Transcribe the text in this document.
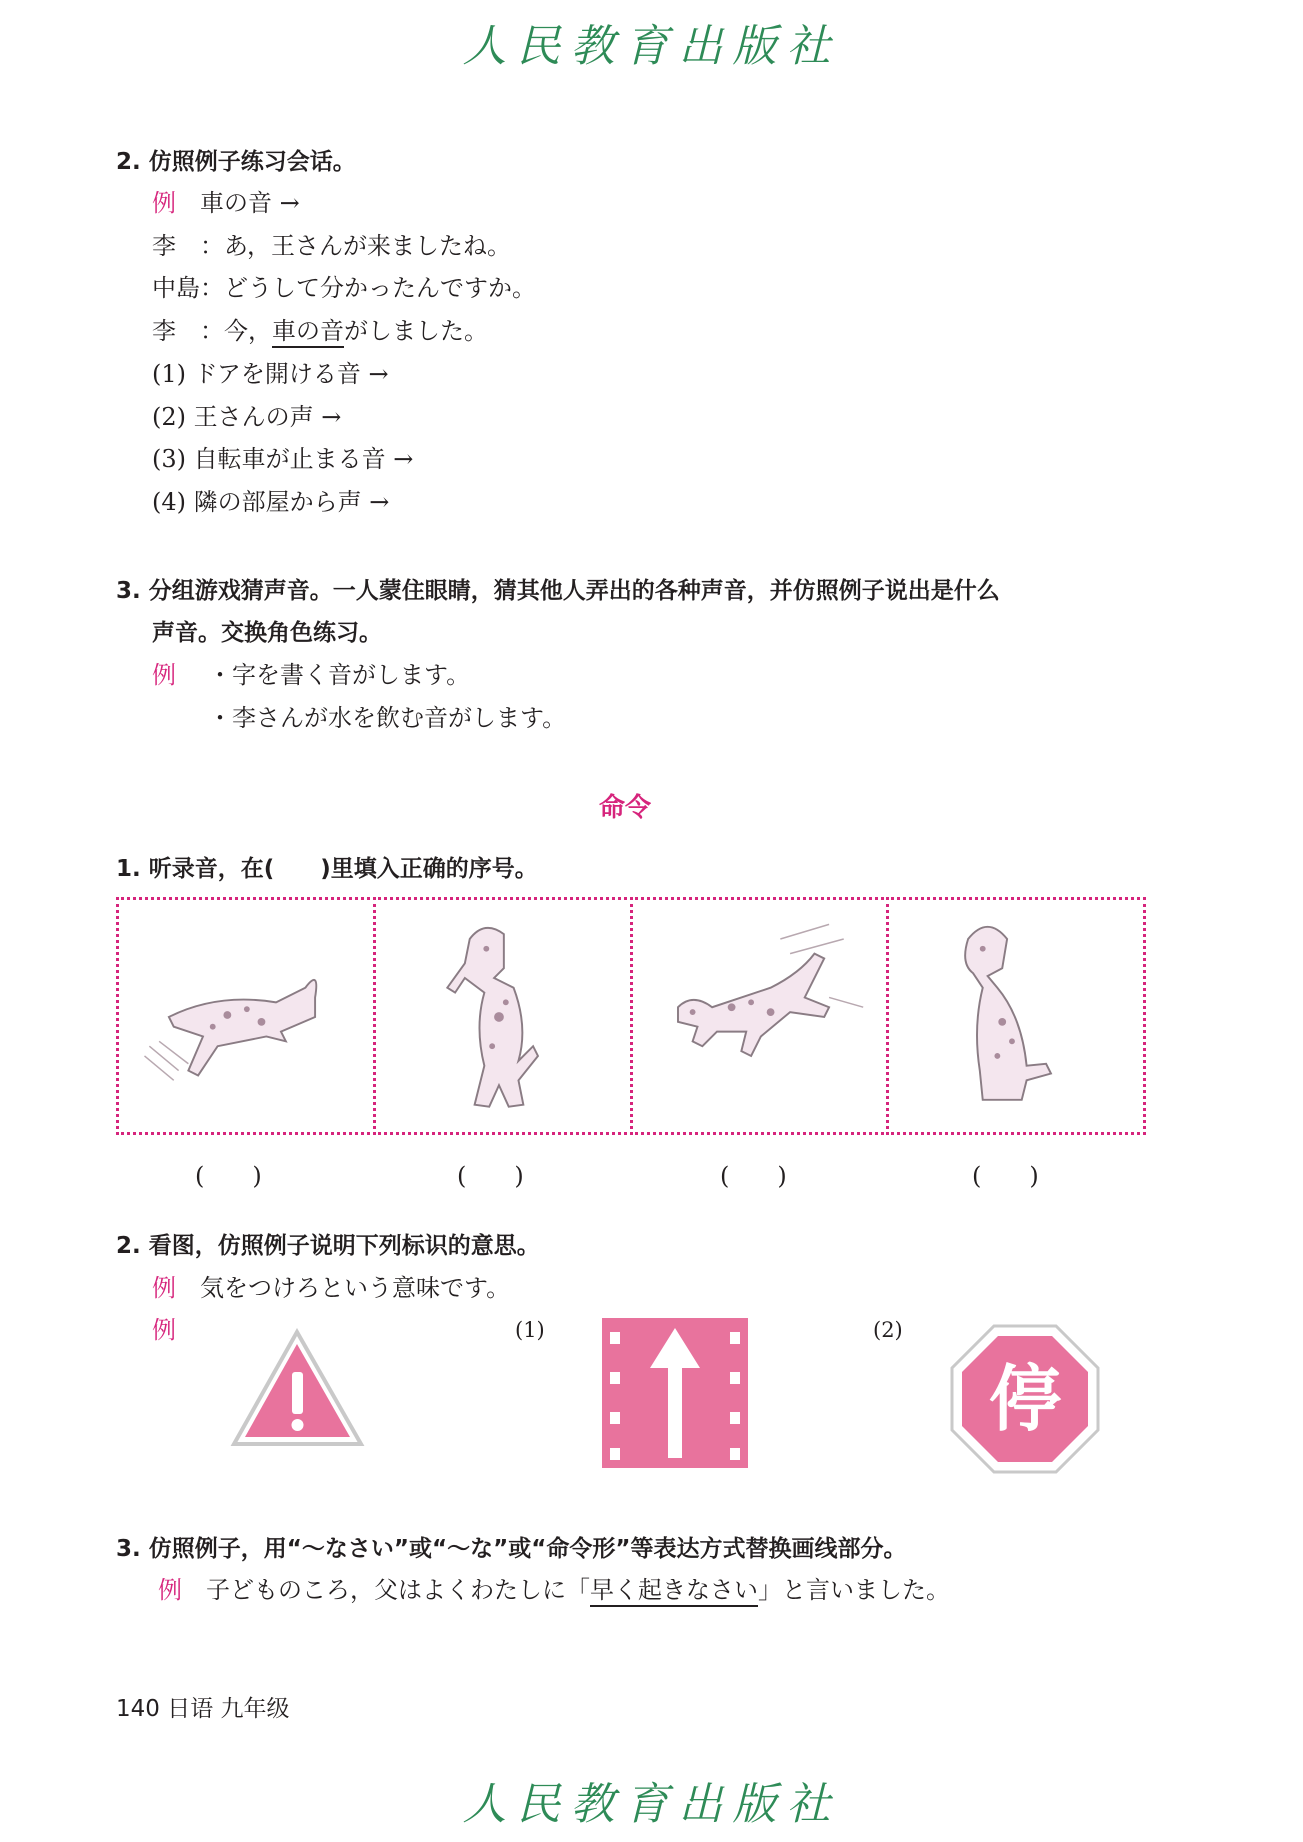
人民教育出版社
2. 仿照例子练习会话。
例　 車の音 →
李　：あ，王さんが来ましたね。
中島：どうして分かったんですか。
李　：今，車の音がしました。
(1) ドアを開ける音 →
(2) 王さんの声 →
(3) 自転車が止まる音 →
(4) 隣の部屋から声 →
3. 分组游戏猜声音。一人蒙住眼睛，猜其他人弄出的各种声音，并仿照例子说出是什么
声音。交换角色练习。
例 ・字を書く音がします。
・李さんが水を飲む音がします。
命令
1. 听录音，在(　　)里填入正确的序号。
(　　)	(　　)	(　　)	(　　)
2. 看图，仿照例子说明下列标识的意思。
例　 気をつけろという意味です。
例	(1)	(2)
停
3. 仿照例子，用“～なさい”或“～な”或“命令形”等表达方式替换画线部分。
例　 子どものころ，父はよくわたしに「早く起きなさい」と言いました。
140 日语 九年级
人民教育出版社
